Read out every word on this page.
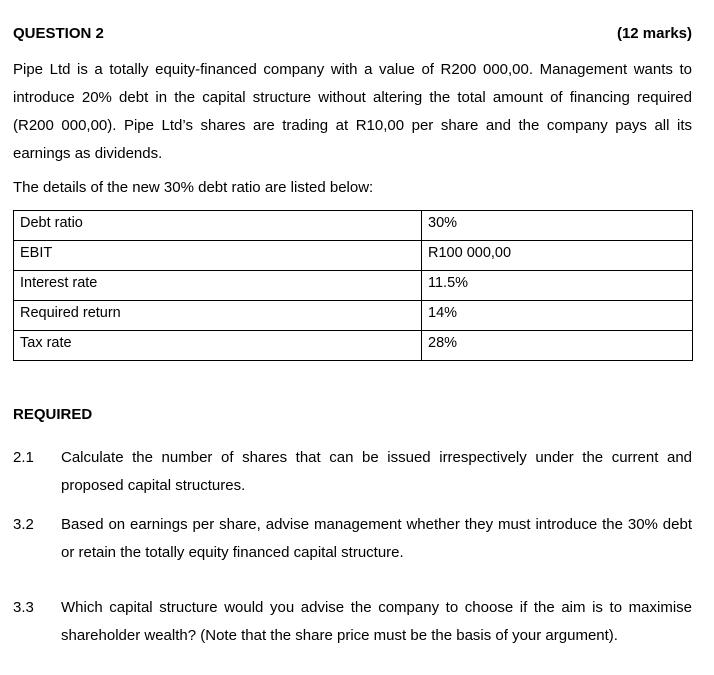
QUESTION 2	(12 marks)

Pipe Ltd is a totally equity-financed company with a value of R200 000,00. Management wants to introduce 20% debt in the capital structure without altering the total amount of financing required (R200 000,00). Pipe Ltd’s shares are trading at R10,00 per share and the company pays all its earnings as dividends.

The details of the new 30% debt ratio are listed below:

Debt ratio	30%
EBIT	R100 000,00
Interest rate	11.5%
Required return	14%
Tax rate	28%

REQUIRED

2.1	Calculate the number of shares that can be issued irrespectively under the current and proposed capital structures.
3.2	Based on earnings per share, advise management whether they must introduce the 30% debt or retain the totally equity financed capital structure.
3.3	Which capital structure would you advise the company to choose if the aim is to maximise shareholder wealth? (Note that the share price must be the basis of your argument).
